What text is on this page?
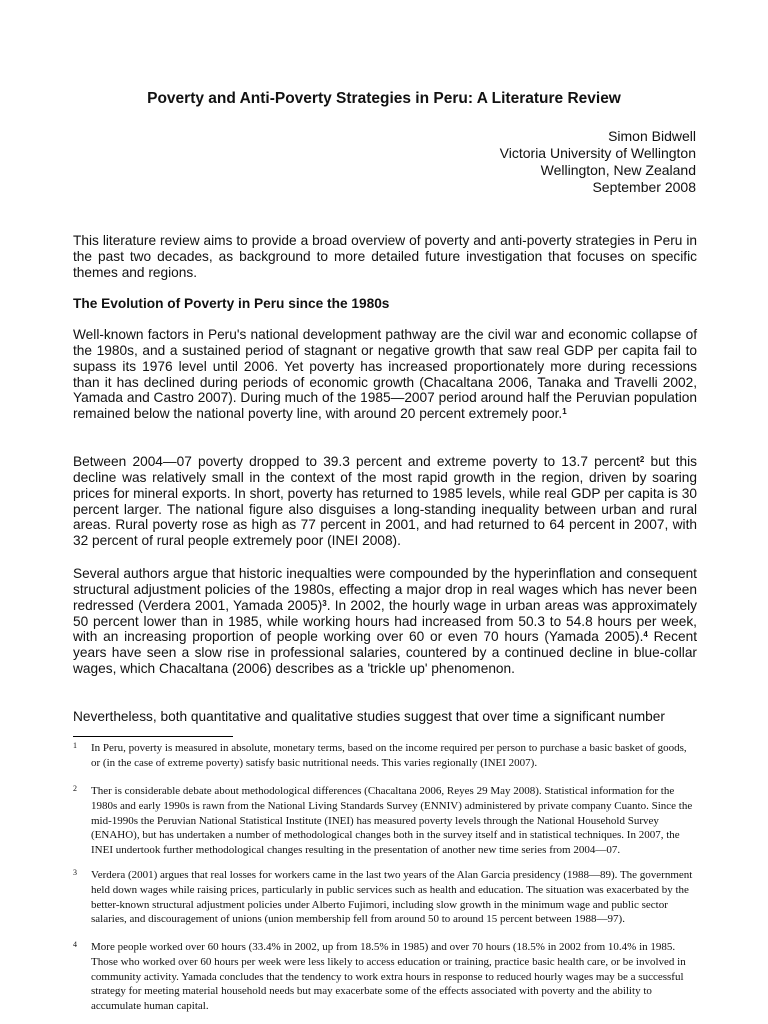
Poverty and Anti-Poverty Strategies in Peru: A Literature Review
Simon Bidwell
Victoria University of Wellington
Wellington, New Zealand
September 2008

This literature review aims to provide a broad overview of poverty and anti-poverty strategies in Peru in the past two decades, as background to more detailed future investigation that focuses on specific themes and regions.

The Evolution of Poverty in Peru since the 1980s

Well-known factors in Peru's national development pathway are the civil war and economic collapse of the 1980s, and a sustained period of stagnant or negative growth that saw real GDP per capita fail to supass its 1976 level until 2006. Yet poverty has increased proportionately more during recessions than it has declined during periods of economic growth (Chacaltana 2006, Tanaka and Travelli 2002, Yamada and Castro 2007). During much of the 1985—2007 period around half the Peruvian population remained below the national poverty line, with around 20 percent extremely poor.$^1$

Between 2004—07 poverty dropped to 39.3 percent and extreme poverty to 13.7 percent$^2$ but this decline was relatively small in the context of the most rapid growth in the region, driven by soaring prices for mineral exports. In short, poverty has returned to 1985 levels, while real GDP per capita is 30 percent larger. The national figure also disguises a long-standing inequality between urban and rural areas. Rural poverty rose as high as 77 percent in 2001, and had returned to 64 percent in 2007, with 32 percent of rural people extremely poor (INEI 2008).

Several authors argue that historic inequalties were compounded by the hyperinflation and consequent structural adjustment policies of the 1980s, effecting a major drop in real wages which has never been redressed (Verdera 2001, Yamada 2005)$^3$. In 2002, the hourly wage in urban areas was approximately 50 percent lower than in 1985, while working hours had increased from 50.3 to 54.8 hours per week, with an increasing proportion of people working over 60 or even 70 hours (Yamada 2005).$^4$ Recent years have seen a slow rise in professional salaries, countered by a continued decline in blue-collar wages, which Chacaltana (2006) describes as a 'trickle up' phenomenon.

Nevertheless, both quantitative and qualitative studies suggest that over time a significant number

1 In Peru, poverty is measured in absolute, monetary terms, based on the income required per person to purchase a basic basket of goods, or (in the case of extreme poverty) satisfy basic nutritional needs. This varies regionally (INEI 2007).
2 Ther is considerable debate about methodological differences (Chacaltana 2006, Reyes 29 May 2008). Statistical information for the 1980s and early 1990s is rawn from the National Living Standards Survey (ENNIV) administered by private company Cuanto. Since the mid-1990s the Peruvian National Statistical Institute (INEI) has measured poverty levels through the National Household Survey (ENAHO), but has undertaken a number of methodological changes both in the survey itself and in statistical techniques. In 2007, the INEI undertook further methodological changes resulting in the presentation of another new time series from 2004—07.
3 Verdera (2001) argues that real losses for workers came in the last two years of the Alan Garcia presidency (1988—89). The government held down wages while raising prices, particularly in public services such as health and education. The situation was exacerbated by the better-known structural adjustment policies under Alberto Fujimori, including slow growth in the minimum wage and public sector salaries, and discouragement of unions (union membership fell from around 50 to around 15 percent between 1988—97).
4 More people worked over 60 hours (33.4% in 2002, up from 18.5% in 1985) and over 70 hours (18.5% in 2002 from 10.4% in 1985. Those who worked over 60 hours per week were less likely to access education or training, practice basic health care, or be involved in community activity. Yamada concludes that the tendency to work extra hours in response to reduced hourly wages may be a successful strategy for meeting material household needs but may exacerbate some of the effects associated with poverty and the ability to accumulate human capital.
